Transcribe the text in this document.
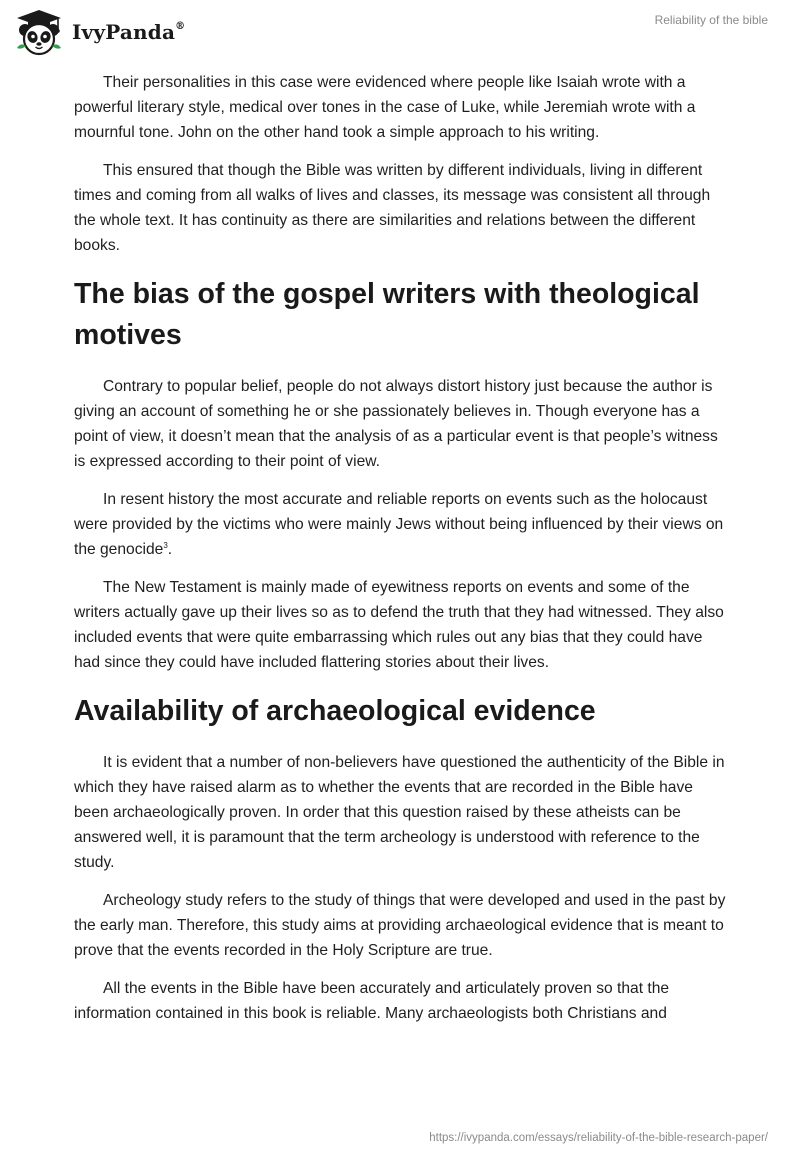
IvyPanda®	Reliability of the bible

Their personalities in this case were evidenced where people like Isaiah wrote with a powerful literary style, medical over tones in the case of Luke, while Jeremiah wrote with a mournful tone. John on the other hand took a simple approach to his writing.

This ensured that though the Bible was written by different individuals, living in different times and coming from all walks of lives and classes, its message was consistent all through the whole text. It has continuity as there are similarities and relations between the different books.

The bias of the gospel writers with theological motives

Contrary to popular belief, people do not always distort history just because the author is giving an account of something he or she passionately believes in. Though everyone has a point of view, it doesn’t mean that the analysis of as a particular event is that people’s witness is expressed according to their point of view.

In resent history the most accurate and reliable reports on events such as the holocaust were provided by the victims who were mainly Jews without being influenced by their views on the genocide$^3$.

The New Testament is mainly made of eyewitness reports on events and some of the writers actually gave up their lives so as to defend the truth that they had witnessed. They also included events that were quite embarrassing which rules out any bias that they could have had since they could have included flattering stories about their lives.

Availability of archaeological evidence

It is evident that a number of non-believers have questioned the authenticity of the Bible in which they have raised alarm as to whether the events that are recorded in the Bible have been archaeologically proven. In order that this question raised by these atheists can be answered well, it is paramount that the term archeology is understood with reference to the study.

Archeology study refers to the study of things that were developed and used in the past by the early man. Therefore, this study aims at providing archaeological evidence that is meant to prove that the events recorded in the Holy Scripture are true.

All the events in the Bible have been accurately and articulately proven so that the information contained in this book is reliable. Many archaeologists both Christians and

https://ivypanda.com/essays/reliability-of-the-bible-research-paper/
